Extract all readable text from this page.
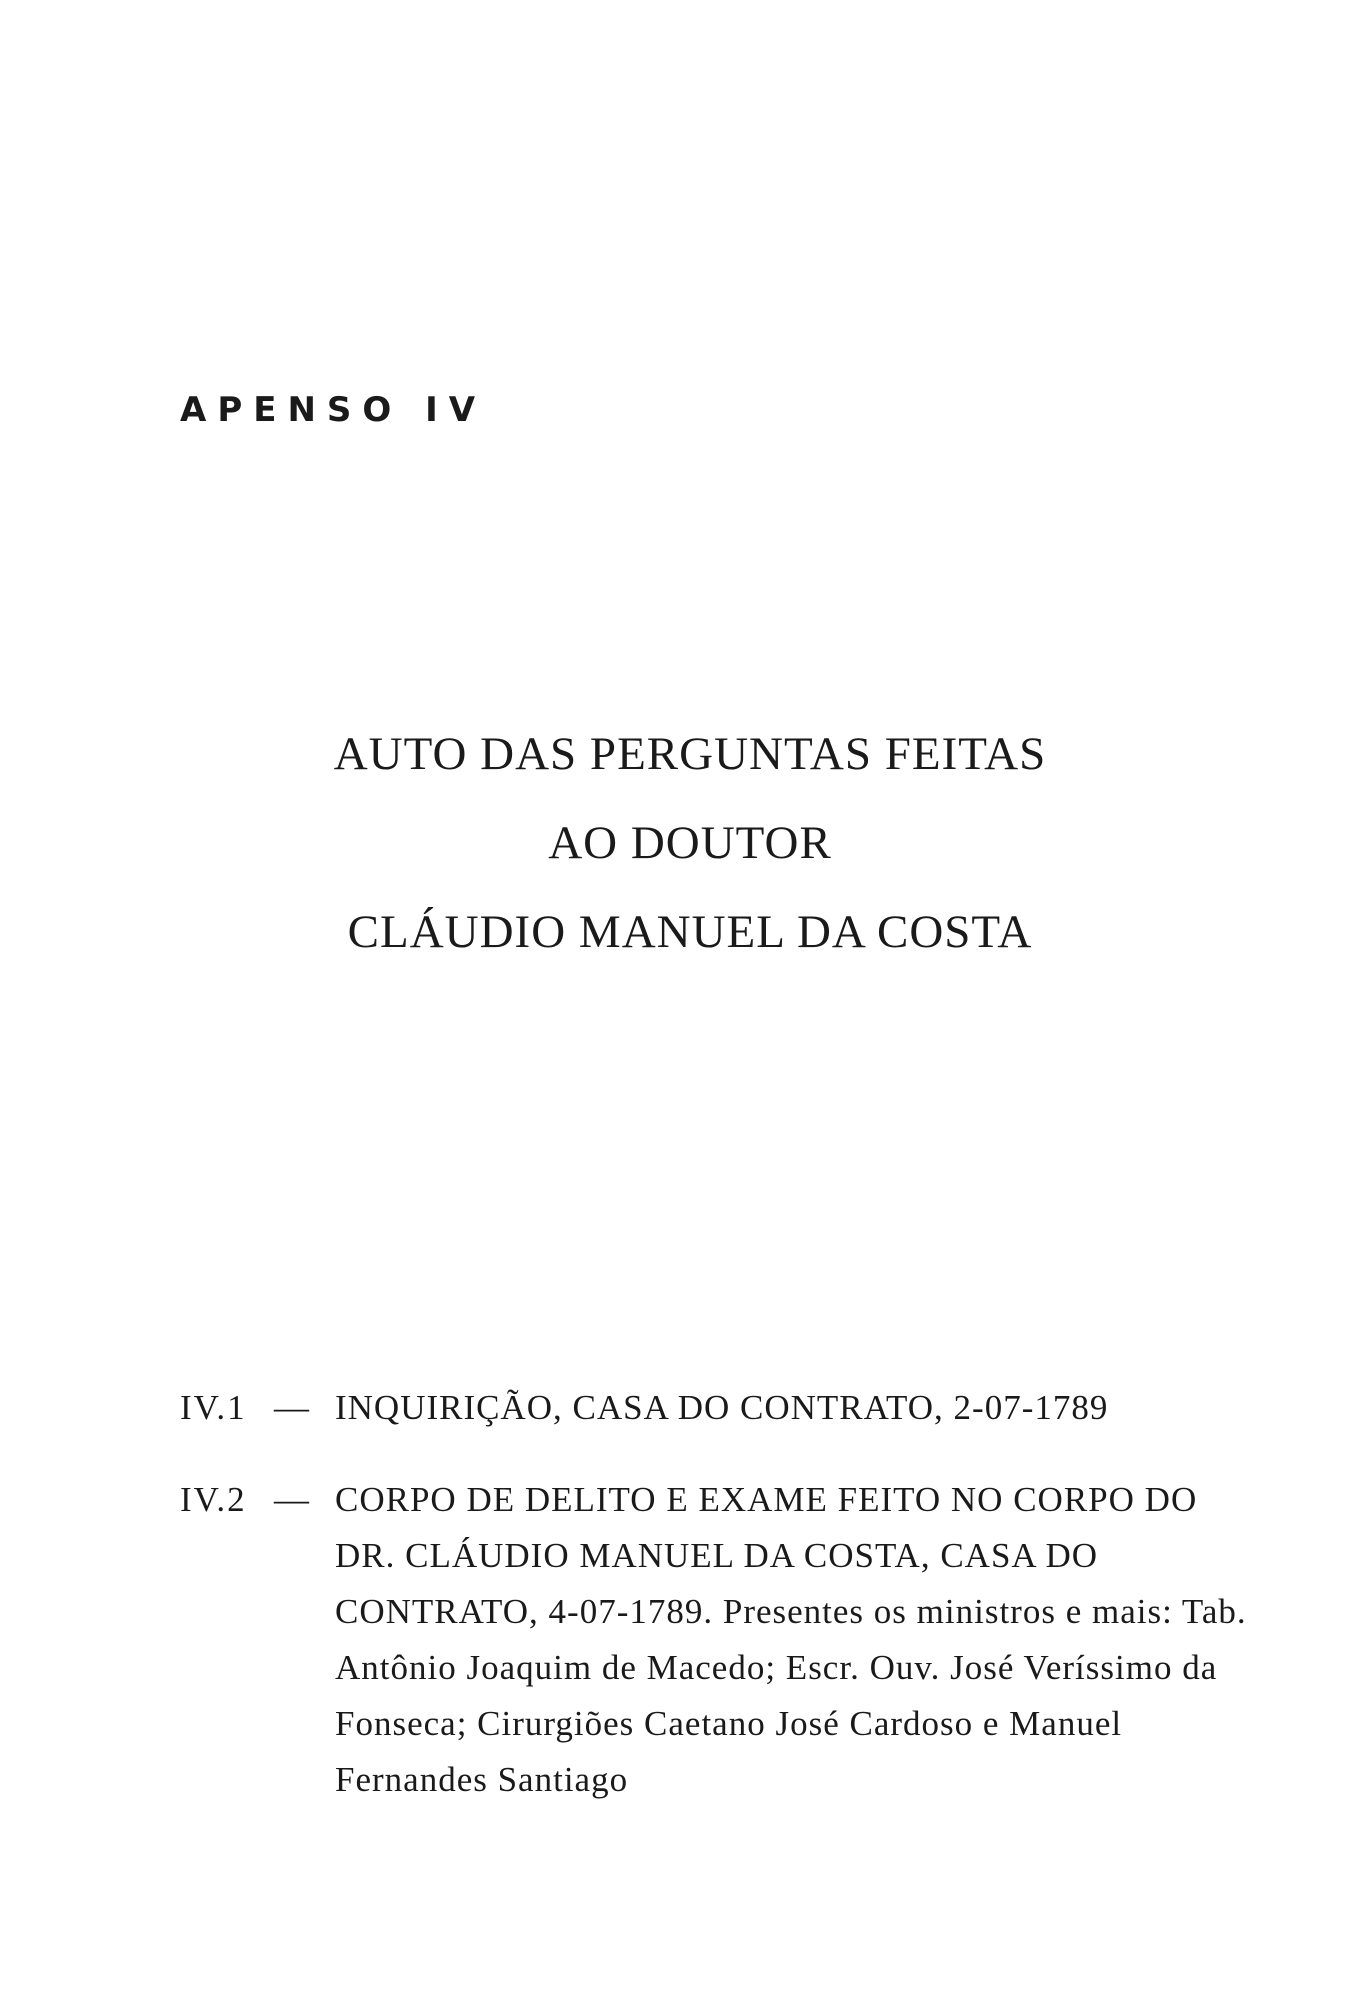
APENSO IV
AUTO DAS PERGUNTAS FEITAS
AO DOUTOR
CLÁUDIO MANUEL DA COSTA
IV.1 — INQUIRIÇÃO, CASA DO CONTRATO, 2-07-1789
IV.2 — CORPO DE DELITO E EXAME FEITO NO CORPO DO DR. CLÁUDIO MANUEL DA COSTA, CASA DO CONTRATO, 4-07-1789. Presentes os ministros e mais: Tab. Antônio Joaquim de Macedo; Escr. Ouv. José Veríssimo da Fonseca; Cirurgiões Caetano José Cardoso e Manuel Fernandes Santiago
